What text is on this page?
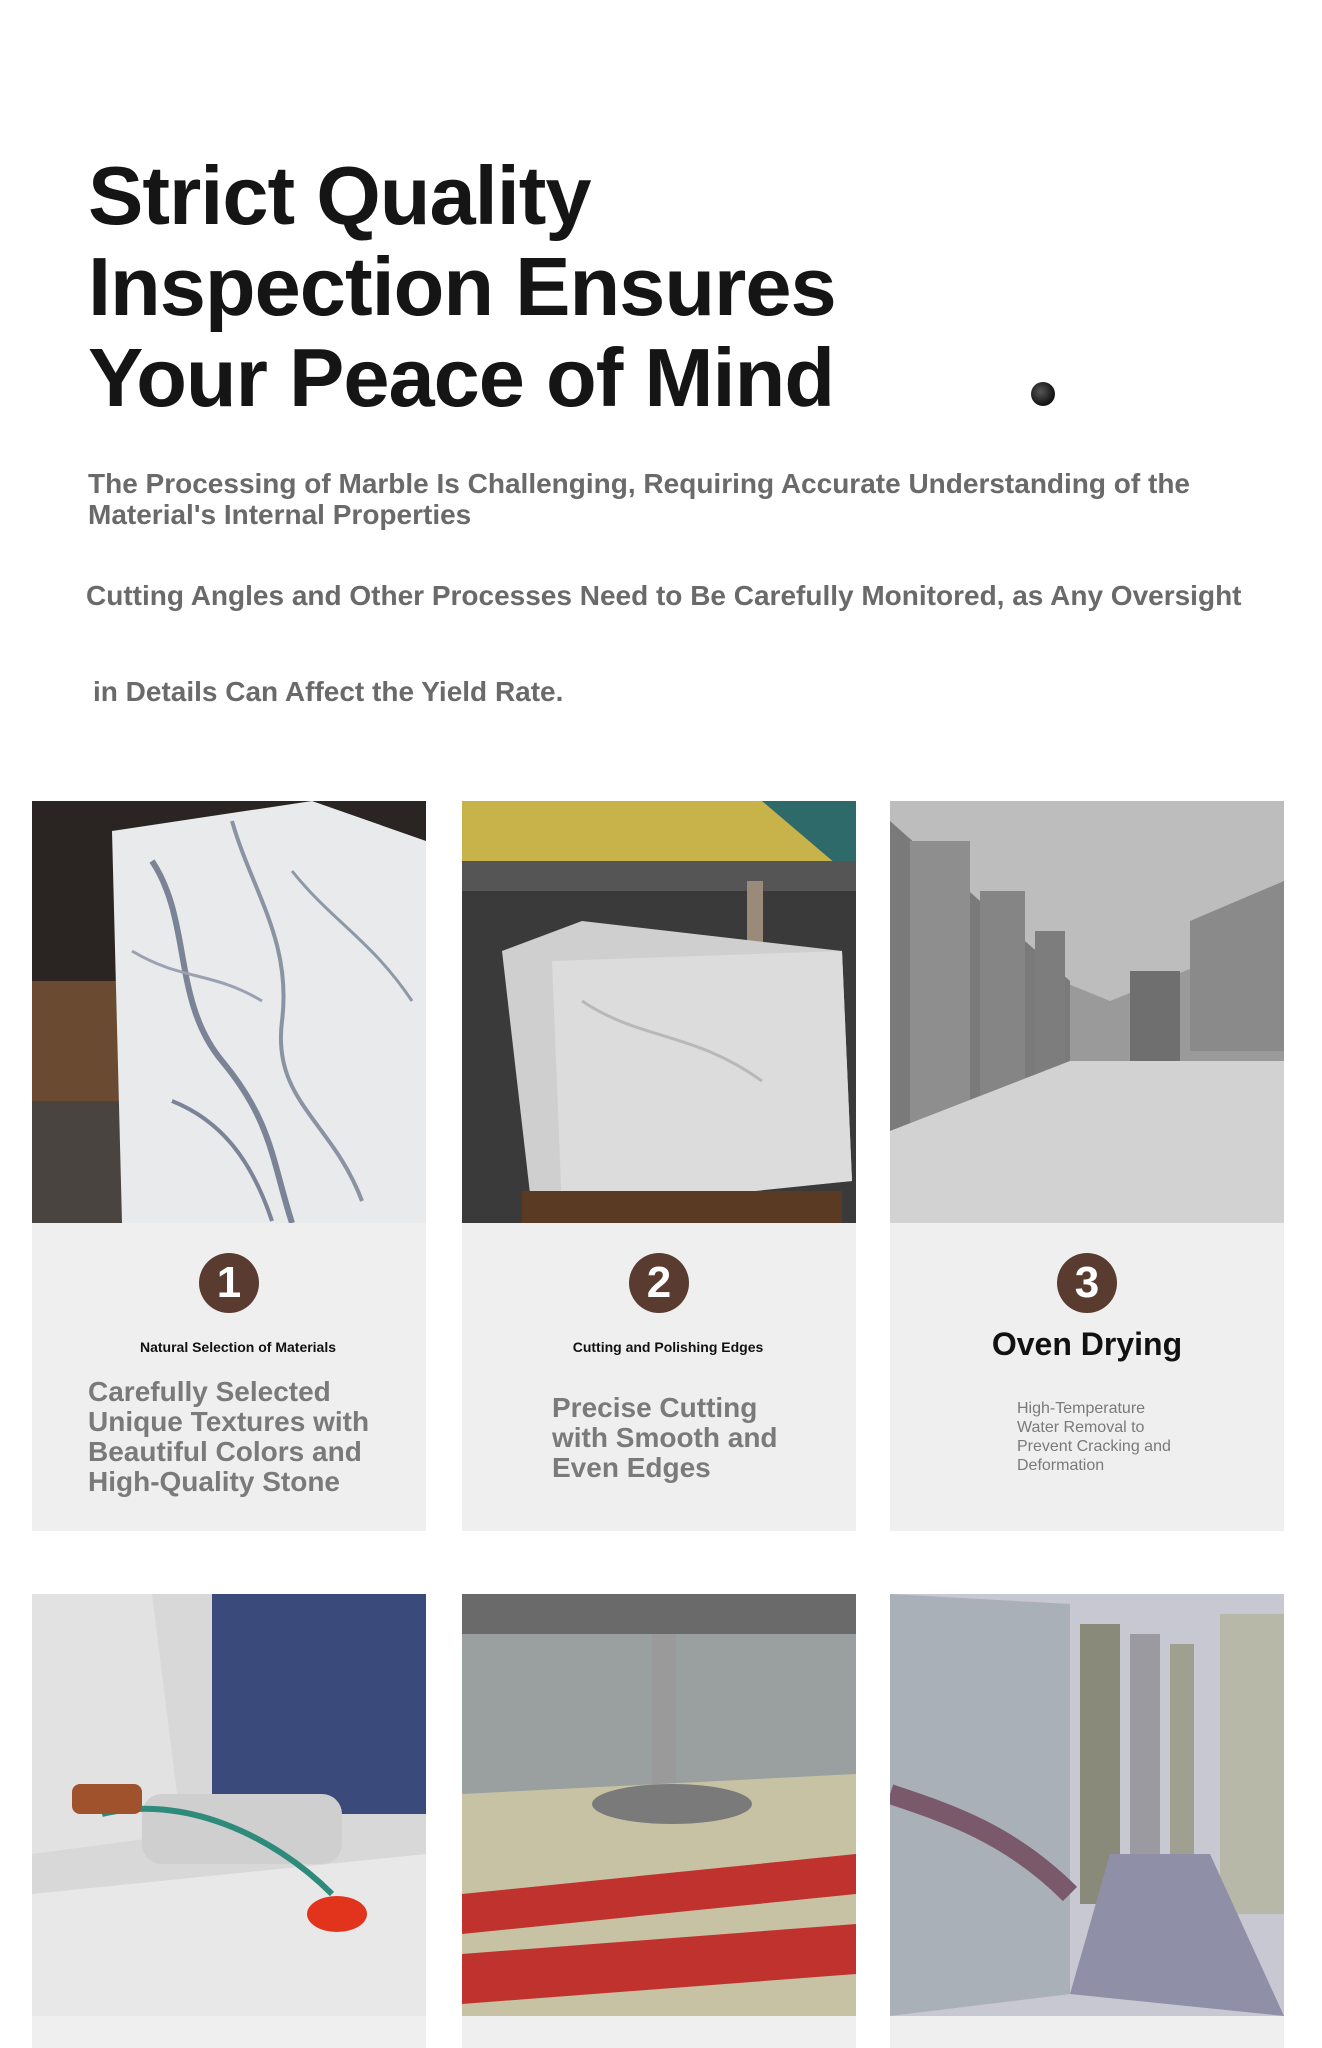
Strict Quality Inspection Ensures Your Peace of Mind

The Processing of Marble Is Challenging, Requiring Accurate Understanding of the Material's Internal Properties

Cutting Angles and Other Processes Need to Be Carefully Monitored, as Any Oversight

in Details Can Affect the Yield Rate.

1

Natural Selection of Materials

Carefully Selected Unique Textures with Beautiful Colors and High-Quality Stone

2

Cutting and Polishing Edges

Precise Cutting with Smooth and Even Edges

3

Oven Drying

High-Temperature Water Removal to Prevent Cracking and Deformation
